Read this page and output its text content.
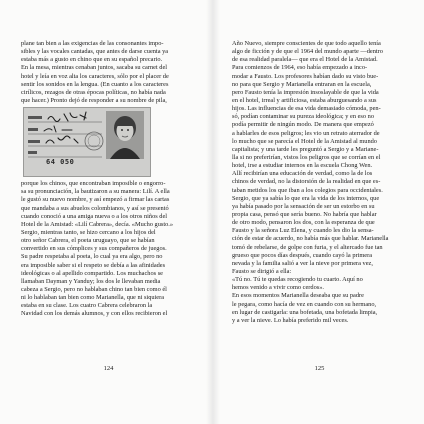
plane tan bien a las exigencias de las consonantes impo-
sibles y las vocales cantadas, que antes de darse cuenta ya
estaba más a gusto en chino que en su español precario.
En la mesa, mientras cenaban juntos, sacaba su carnet del
hotel y leía en voz alta los caracteres, sólo por el placer de
sentir los sonidos en la lengua. (En cuanto a los caracteres
cirílicos, rezagos de otras épocas políticas, no había nada
que hacer.) Pronto dejó de responder a su nombre de pila,
64 050
porque los chinos, que encontraban imposible o engorro-
sa su pronunciación, la bautizaron a su manera: Lilí. A ella
le gustó su nuevo nombre, y así empezó a firmar las cartas
que mandaba a sus abuelos colombianos, y así se presentó
cuando conoció a una amiga nueva o a los otros niños del
Hotel de la Amistad: «Lilí Cabrera», decía. «Mucho gusto.»
Sergio, mientras tanto, se hizo cercano a los hijos del
otro señor Cabrera, el poeta uruguayo, que se habían
convertido en sus cómplices y sus compañeros de juegos.
Su padre respetaba al poeta, lo cual ya era algo, pero no
era imposible saber si el respeto se debía a las afinidades
ideológicas o al apellido compartido. Los muchachos se
llamaban Dayman y Yanduy; los dos le llevaban media
cabeza a Sergio, pero no hablaban chino tan bien como él
ni lo hablaban tan bien como Marianella, que ni siquiera
estaba en su clase. Los cuatro Cabrera celebraron la
Navidad con los demás alumnos, y con ellos recibieron el
124
Año Nuevo, siempre conscientes de que todo aquello tenía
algo de ficción y de que el 1964 del mundo aparte —dentro
de esa realidad paralela— que era el Hotel de la Amistad.
Para comienzos de 1964, eso había empezado a inco-
modar a Fausto. Los profesores habían dado su visto bue-
no para que Sergio y Marianella entraran en la escuela,
pero Fausto tenía la impresión insoslayable de que la vida
en el hotel, irreal y artificiosa, estaba aburguesando a sus
hijos. Las influencias de esa vida demasiado cómoda, pen-
só, podían contaminar su pureza ideológica; y en eso no
podía permitir de ningún modo. De manera que empezó
a hablarles de esos peligros; les vio un retrato aterrador de
lo mucho que se parecía el Hotel de la Amistad al mundo
capitalista; y una tarde les preguntó a Sergio y a Mariane-
lla si no preferirían, vistos los peligros que se corrían en el
hotel, irse a estudiar internos en la escuela Chong Wen.
Allí recibirían una educación de verdad, como la de los
chinos de verdad, no la distorsión de la realidad en que es-
taban metidos los que iban a los colegios para occidentales.
Sergio, que ya sabía lo que era la vida de los internos, que
ya había pasado por la sensación de ser un estorbo en su
propia casa, pensó que sería bueno. No habría que hablar
de otro modo, pensaron los dos, con la esperanza de que
Fausto y la señora Luz Elena, y cuando les dio la sensa-
ción de estar de acuerdo, no había más que hablar. Marianella
tomó de rebelarse, de golpe con furia, y el altercado fue tan
grueso que pocos días después, cuando cayó la primera
nevada y la familia salió a ver la nieve por primera vez,
Fausto se dirigió a ella:
«Tú no. Tú te quedas recogiendo tu cuarto. Aquí no
hemos venido a vivir como cerdos».
En esos momentos Marianella deseaba que su padre
le pegara, como hacía de vez en cuando con su hermano,
en lugar de castigarla: una bofetada, una bofetada limpia,
y a ver la nieve. Lo había preferido mil veces.
125
